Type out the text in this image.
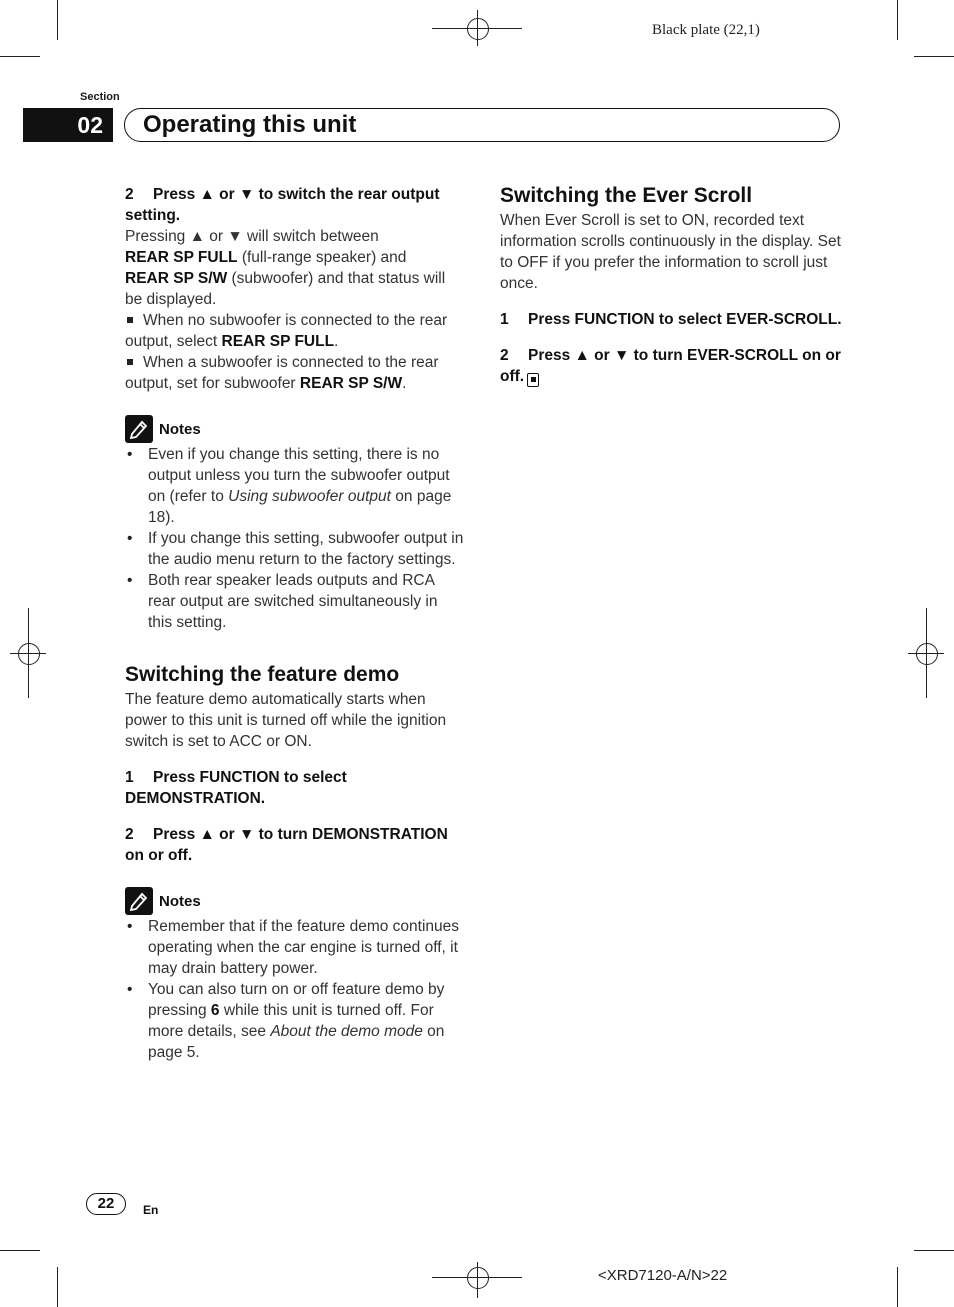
Black plate (22,1)
Section
02	Operating this unit

2 Press ▲ or ▼ to switch the rear output setting.

Pressing ▲ or ▼ will switch between
REAR SP FULL (full-range speaker) and
REAR SP S/W (subwoofer) and that status will be displayed.

When no subwoofer is connected to the rear output, select REAR SP FULL.

When a subwoofer is connected to the rear output, set for subwoofer REAR SP S/W.

Notes
• Even if you change this setting, there is no output unless you turn the subwoofer output on (refer to Using subwoofer output on page 18).
• If you change this setting, subwoofer output in the audio menu return to the factory settings.
• Both rear speaker leads outputs and RCA rear output are switched simultaneously in this setting.
Switching the feature demo

The feature demo automatically starts when power to this unit is turned off while the ignition switch is set to ACC or ON.

1 Press FUNCTION to select DEMONSTRATION.

2 Press ▲ or ▼ to turn DEMONSTRATION on or off.

Notes
• Remember that if the feature demo continues operating when the car engine is turned off, it may drain battery power.
• You can also turn on or off feature demo by pressing 6 while this unit is turned off. For more details, see About the demo mode on page 5.
Switching the Ever Scroll

When Ever Scroll is set to ON, recorded text information scrolls continuously in the display. Set to OFF if you prefer the information to scroll just once.

1 Press FUNCTION to select EVER-SCROLL.

2 Press ▲ or ▼ to turn EVER-SCROLL on or off.

22	En
<XRD7120-A/N>22
